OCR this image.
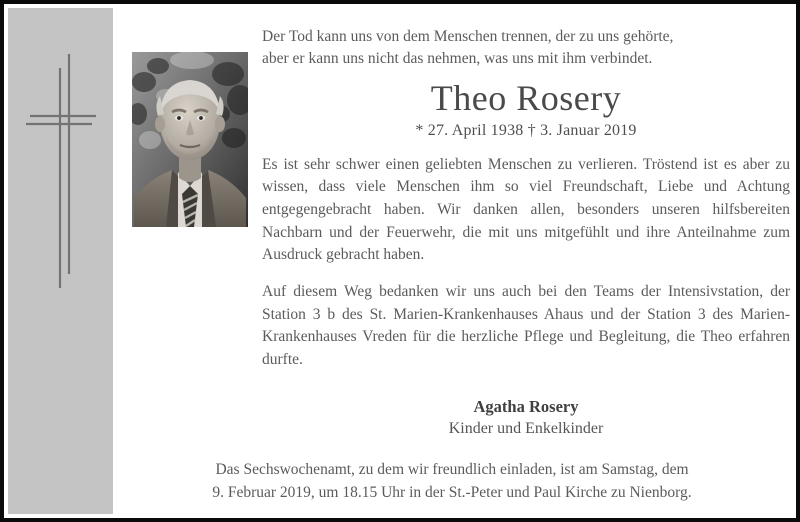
Der Tod kann uns von dem Menschen trennen, der zu uns gehörte,
aber er kann uns nicht das nehmen, was uns mit ihm verbindet.

Theo Rosery

* 27. April 1938 † 3. Januar 2019

Es ist sehr schwer einen geliebten Menschen zu verlieren. Tröstend ist es aber zu wissen, dass viele Menschen ihm so viel Freundschaft, Liebe und Achtung entgegengebracht haben. Wir danken allen, besonders unseren hilfsbereiten Nachbarn und der Feuerwehr, die mit uns mitgefühlt und ihre Anteilnahme zum Ausdruck gebracht haben.

Auf diesem Weg bedanken wir uns auch bei den Teams der Intensivstation, der Station 3 b des St. Marien-Krankenhauses Ahaus und der Station 3 des Marien-Krankenhauses Vreden für die herzliche Pflege und Begleitung, die Theo erfahren durfte.

Agatha Rosery

Kinder und Enkelkinder

Das Sechswochenamt, zu dem wir freundlich einladen, ist am Samstag, dem
9. Februar 2019, um 18.15 Uhr in der St.-Peter und Paul Kirche zu Nienborg.
